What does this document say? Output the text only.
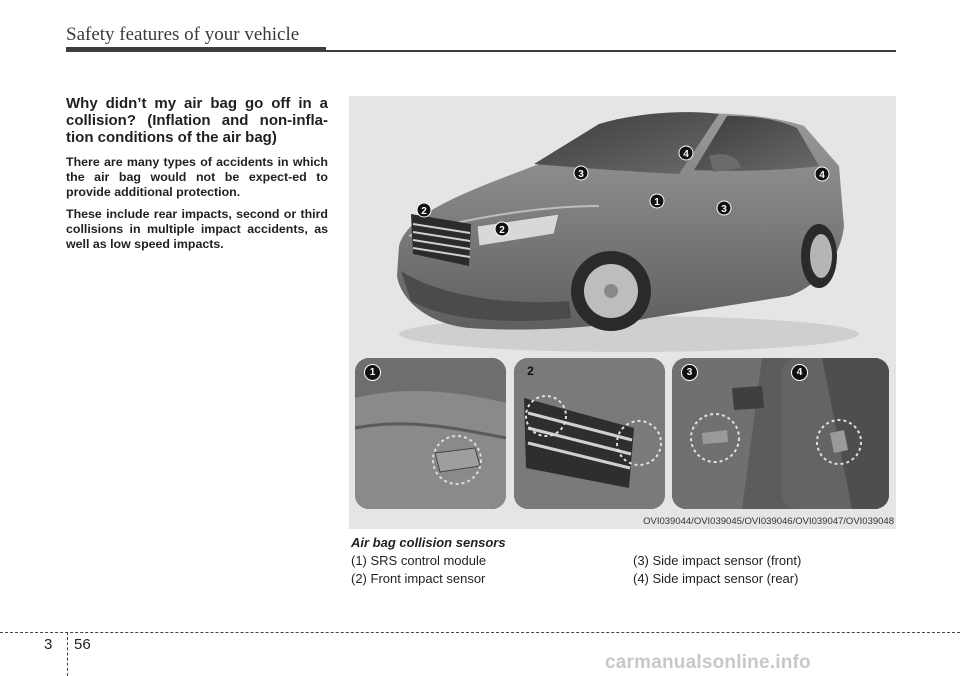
Safety features of your vehicle

Why didn’t my air bag go off in a collision? (Inflation and non-infla-tion conditions of the air bag)

There are many types of accidents in which the air bag would not be expect-ed to provide additional protection.

These include rear impacts, second or third collisions in multiple impact accidents, as well as low speed impacts.

1
2
2
3
3
4
4
1	2	3	4
OVI039044/OVI039045/OVI039046/OVI039047/OVI039048
Air bag collision sensors
(1) SRS control module	(3) Side impact sensor (front)
(2) Front impact sensor	(4) Side impact sensor (rear)
3 56
carmanualsonline.info
